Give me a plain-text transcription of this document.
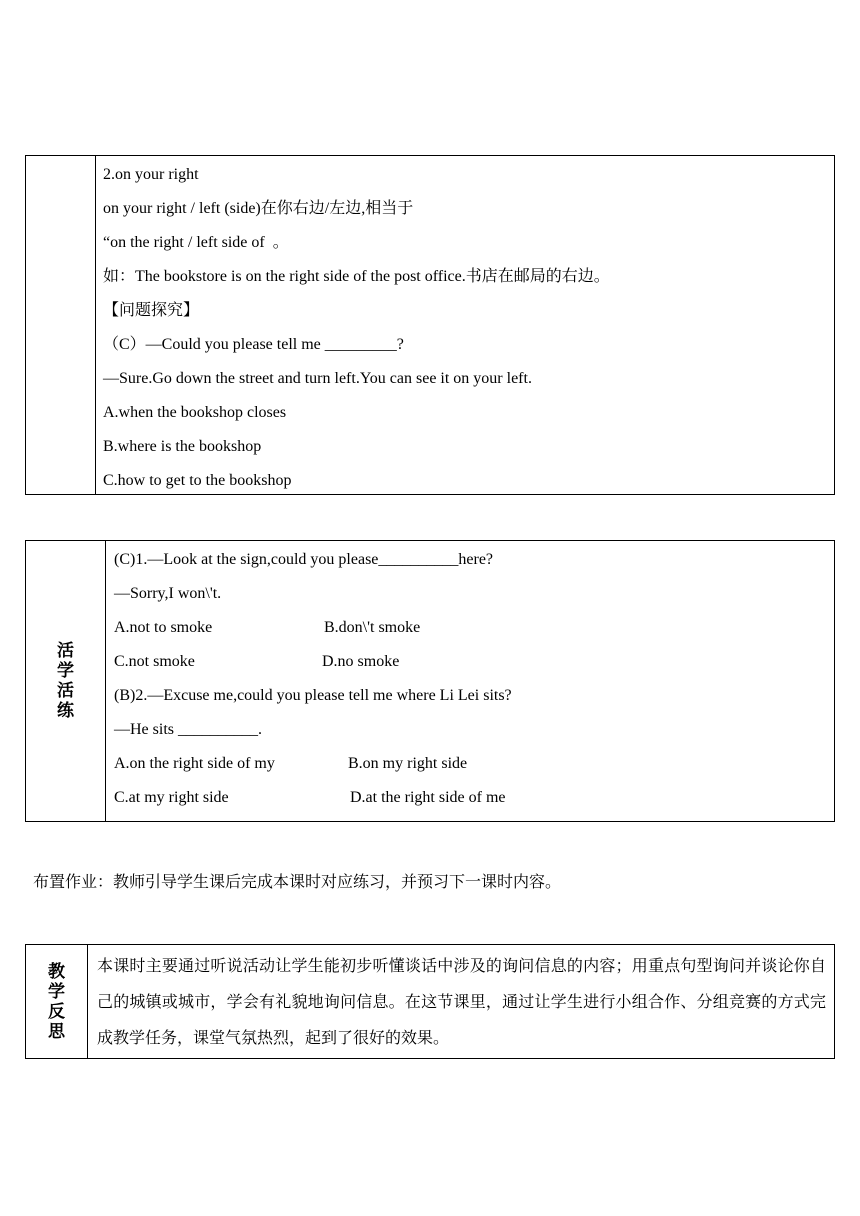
2.on your right
on your right / left (side)在你右边/左边,相当于
“on the right / left side of  。
如：The bookstore is on the right side of the post office.书店在邮局的右边。
【问题探究】
（C）—Could you please tell me _________?
—Sure.Go down the street and turn left.You can see it on your left.
A.when the bookshop closes
B.where is the bookshop
C.how to get to the bookshop
活
学
活
练
(C)1.—Look at the sign,could you please__________here?
—Sorry,I won\'t.
A.not to smoke	B.don\'t smoke
C.not smoke	D.no smoke
(B)2.—Excuse me,could you please tell me where Li Lei sits?
—He sits __________.
A.on the right side of my	B.on my right side
C.at my right side	D.at the right side of me
布置作业：教师引导学生课后完成本课时对应练习，并预习下一课时内容。
教
学
反
思
本课时主要通过听说活动让学生能初步听懂谈话中涉及的询问信息的内容；用重点句型询问并谈论你自己的城镇或城市，学会有礼貌地询问信息。在这节课里，通过让学生进行小组合作、分组竞赛的方式完成教学任务，课堂气氛热烈，起到了很好的效果。
